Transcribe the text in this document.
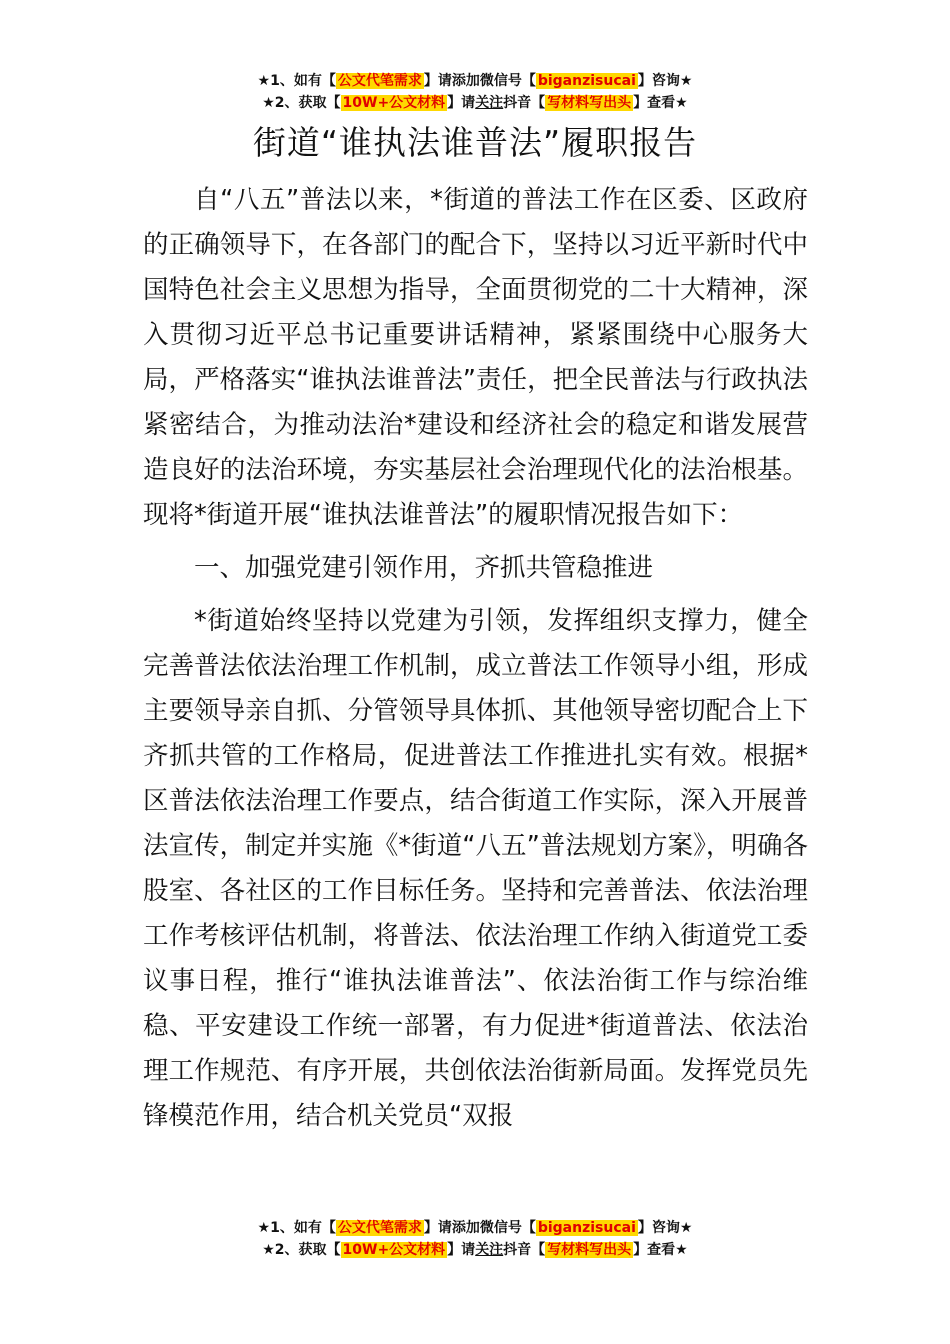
★1、如有【 公文代笔需求 】请添加微信号【 biganzisucai 】咨询★
★2、获取【 10W+公文材料 】请关注抖音【 写材料写出头 】查看★
街道“谁执法谁普法”履职报告

自“八五”普法以来，*街道的普法工作在区委、区政府的正确领导下，在各部门的配合下，坚持以习近平新时代中国特色社会主义思想为指导，全面贯彻党的二十大精神，深入贯彻习近平总书记重要讲话精神，紧紧围绕中心服务大局，严格落实“谁执法谁普法”责任，把全民普法与行政执法紧密结合，为推动法治*建设和经济社会的稳定和谐发展营造良好的法治环境，夯实基层社会治理现代化的法治根基。现将*街道开展“谁执法谁普法”的履职情况报告如下：

一、加强党建引领作用，齐抓共管稳推进

*街道始终坚持以党建为引领，发挥组织支撑力，健全完善普法依法治理工作机制，成立普法工作领导小组，形成主要领导亲自抓、分管领导具体抓、其他领导密切配合上下齐抓共管的工作格局，促进普法工作推进扎实有效。根据*区普法依法治理工作要点，结合街道工作实际，深入开展普法宣传，制定并实施《*街道“八五”普法规划方案》，明确各股室、各社区的工作目标任务。坚持和完善普法、依法治理工作考核评估机制，将普法、依法治理工作纳入街道党工委议事日程，推行“谁执法谁普法”、依法治街工作与综治维稳、平安建设工作统一部署，有力促进*街道普法、依法治理工作规范、有序开展，共创依法治街新局面。发挥党员先锋模范作用，结合机关党员“双报

★1、如有【 公文代笔需求 】请添加微信号【 biganzisucai 】咨询★
★2、获取【 10W+公文材料 】请关注抖音【 写材料写出头 】查看★
